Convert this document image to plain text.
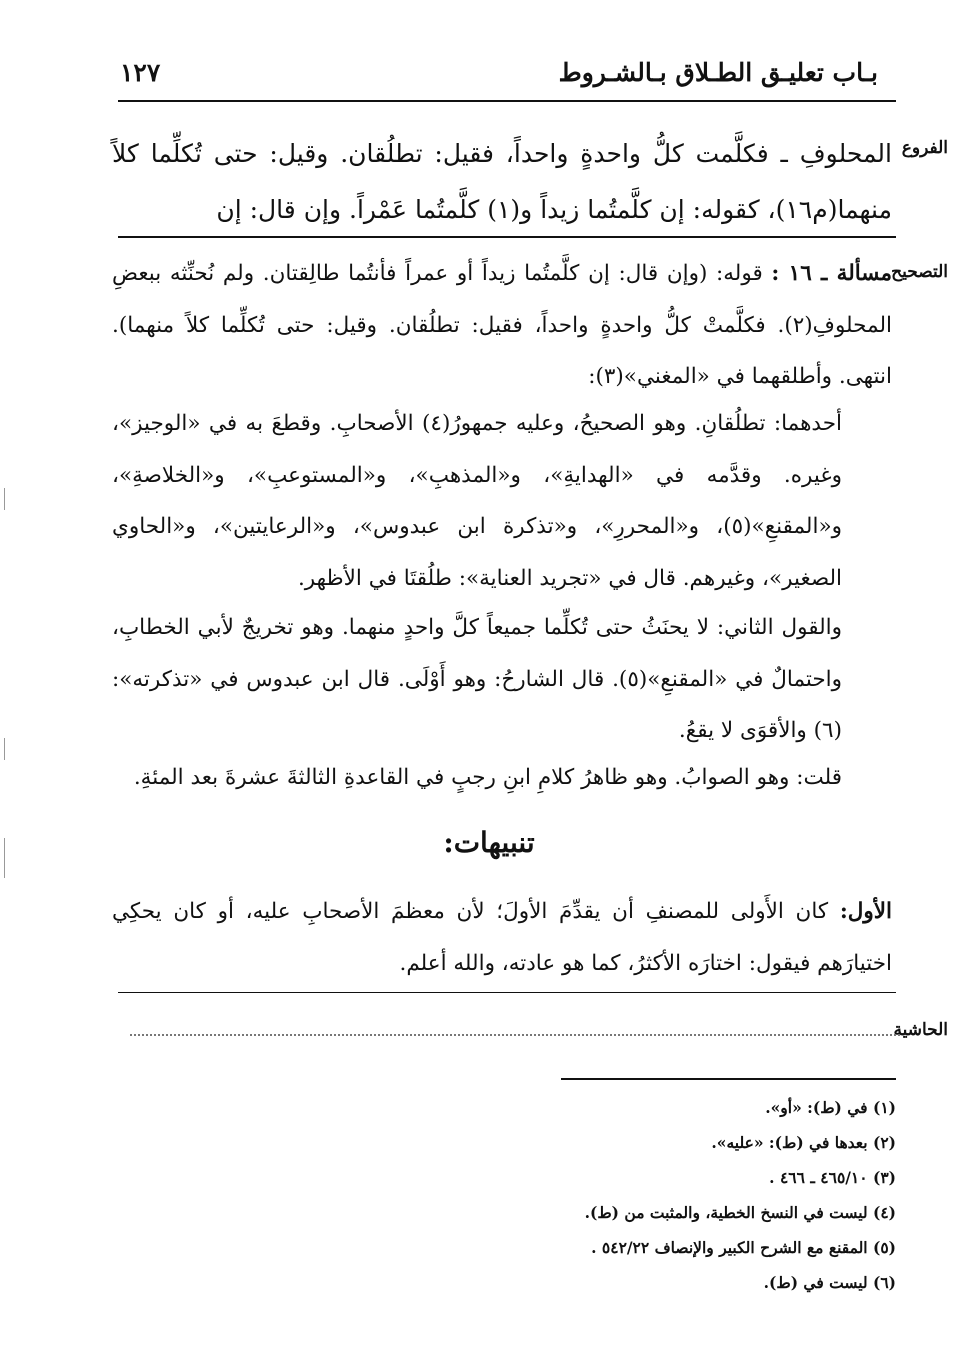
بـاب تعليـق الطـلاق بـالشـروط
١٢٧
الفروع
المحلوفِ ـ فكلَّمت كلُّ واحدةٍ واحداً، فقيل: تطلُقان. وقيل: حتى تُكلِّما كلاً منهما(م١٦)، كقوله: إن كلَّمتُما زيداً و(١) كلَّمتُما عَمْراً. وإن قال: إن
التصحيح
مسألة ـ ١٦ : قوله: (وإن قال: إن كلَّمتُما زيداً أو عمراً فأنتُما طالِقتان. ولم نُحنِّثه ببعضِ المحلوفِ(٢). فكلَّمتْ كلُّ واحدةٍ واحداً، فقيل: تطلُقان. وقيل: حتى تُكلِّما كلاً منهما). انتهى. وأطلقهما في «المغني»(٣):
أحدهما: تطلُقانِ. وهو الصحيحُ، وعليه جمهورُ(٤) الأصحابِ. وقطعَ به في «الوجيز»، وغيره. وقدَّمه في «الهدايةِ»، و«المذهبِ»، و«المستوعبِ»، و«الخلاصةِ»، و«المقنعِ»(٥)، و«المحررِ»، و«تذكرة ابن عبدوس»، و«الرعايتين»، و«الحاوي الصغير»، وغيرهم. قال في «تجريد العناية»: طلُقتَا في الأظهر.
والقول الثاني: لا يحنَثُ حتى تُكلِّما جميعاً كلَّ واحدٍ منهما. وهو تخريجٌ لأبي الخطابِ، واحتمالٌ في «المقنعِ»(٥). قال الشارحُ: وهو أَوْلَى. قال ابن عبدوس في «تذكرته»: (٦) والأقوَى لا يقعُ.
قلت: وهو الصوابُ. وهو ظاهرُ كلامِ ابنِ رجبٍ في القاعدةِ الثالثةَ عشرةَ بعد المئةِ.
تنبيهات:
الأول: كان الأَولى للمصنفِ أن يقدِّمَ الأولَ؛ لأن معظمَ الأصحابِ عليه، أو كان يحكِي اختيارَهم فيقول: اختارَه الأكثرُ، كما هو عادته، والله أعلم.
الحاشية
(١) في (ط): «أو».
(٢) بعدها في (ط): «عليه».
(٣) ٤٦٥/١٠ ـ ٤٦٦ .
(٤) ليست في النسخ الخطية، والمثبت من (ط).
(٥) المقنع مع الشرح الكبير والإنصاف ٥٤٢/٢٢ .
(٦) ليست في (ط).
